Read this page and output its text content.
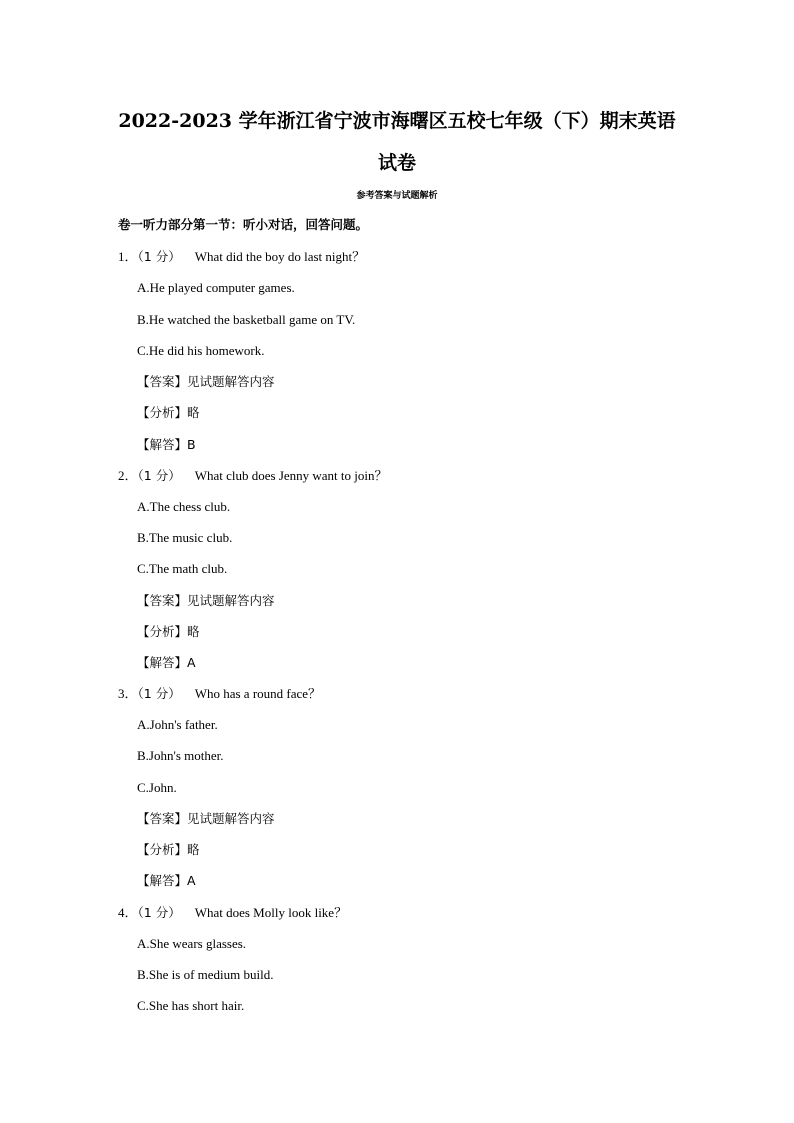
2022-2023 学年浙江省宁波市海曙区五校七年级（下）期末英语
试卷
参考答案与试题解析
卷一听力部分第一节：听小对话，回答问题。
1．（1 分） What did the boy do last night？
A.He played computer games.
B.He watched the basketball game on TV.
C.He did his homework.
【答案】见试题解答内容
【分析】略
【解答】B
2．（1 分） What club does Jenny want to join？
A.The chess club.
B.The music club.
C.The math club.
【答案】见试题解答内容
【分析】略
【解答】A
3．（1 分） Who has a round face？
A.John's father.
B.John's mother.
C.John.
【答案】见试题解答内容
【分析】略
【解答】A
4．（1 分） What does Molly look like？
A.She wears glasses.
B.She is of medium build.
C.She has short hair.
